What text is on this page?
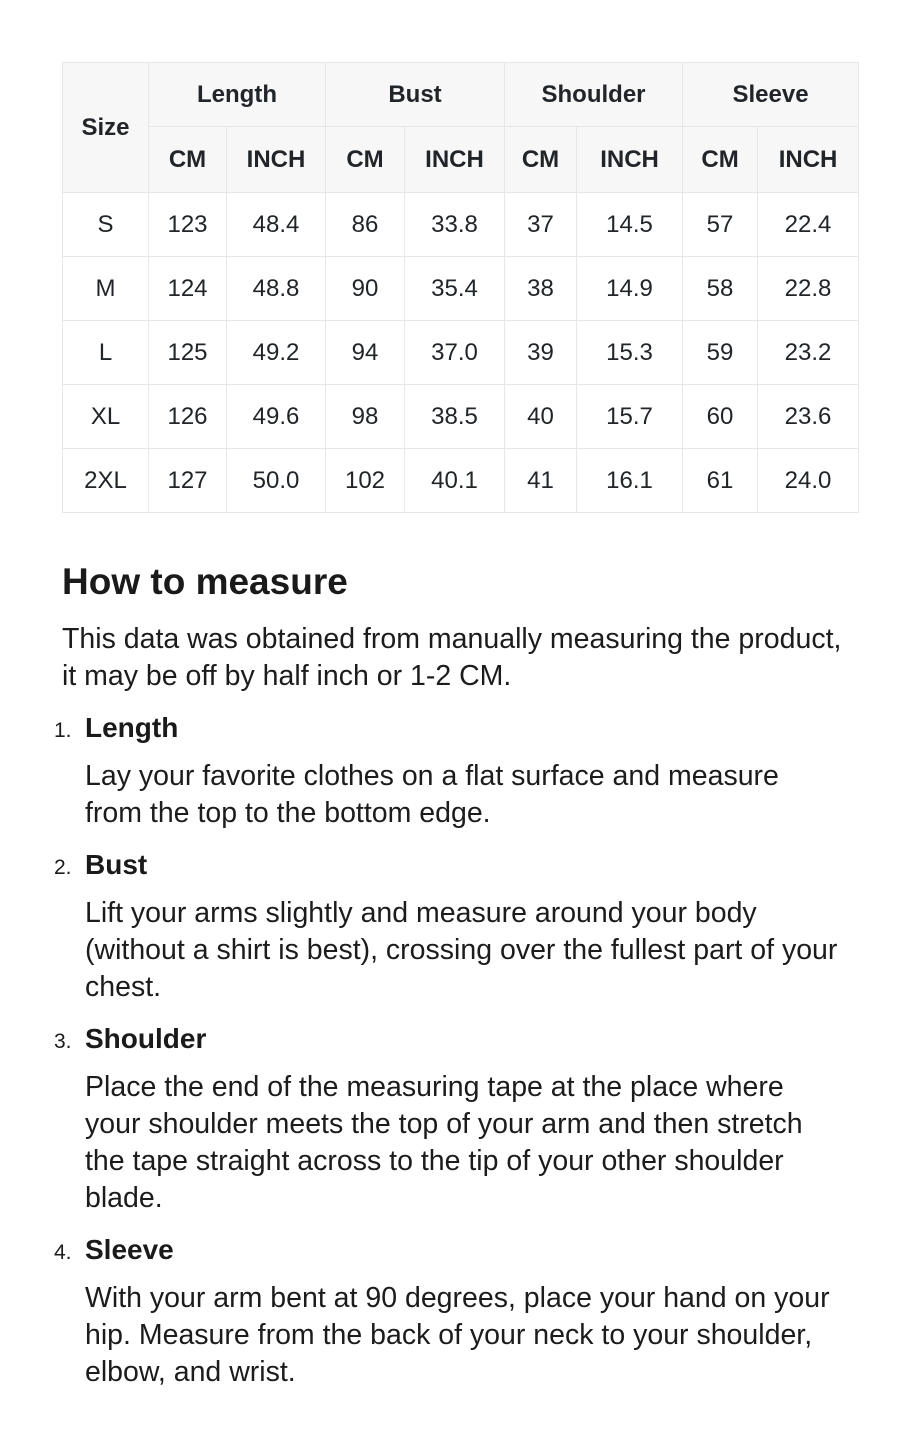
Size	Length		Bust		Shoulder		Sleeve	
	CM	INCH	CM	INCH	CM	INCH	CM	INCH
S	123	48.4	86	33.8	37	14.5	57	22.4
M	124	48.8	90	35.4	38	14.9	58	22.8
L	125	49.2	94	37.0	39	15.3	59	23.2
XL	126	49.6	98	38.5	40	15.7	60	23.6
2XL	127	50.0	102	40.1	41	16.1	61	24.0
How to measure

This data was obtained from manually measuring the product, it may be off by half inch or 1-2 CM.

1. Length

Lay your favorite clothes on a flat surface and measure from the top to the bottom edge.

2. Bust

Lift your arms slightly and measure around your body (without a shirt is best), crossing over the fullest part of your chest.

3. Shoulder

Place the end of the measuring tape at the place where your shoulder meets the top of your arm and then stretch the tape straight across to the tip of your other shoulder blade.

4. Sleeve

With your arm bent at 90 degrees, place your hand on your hip. Measure from the back of your neck to your shoulder, elbow, and wrist.
